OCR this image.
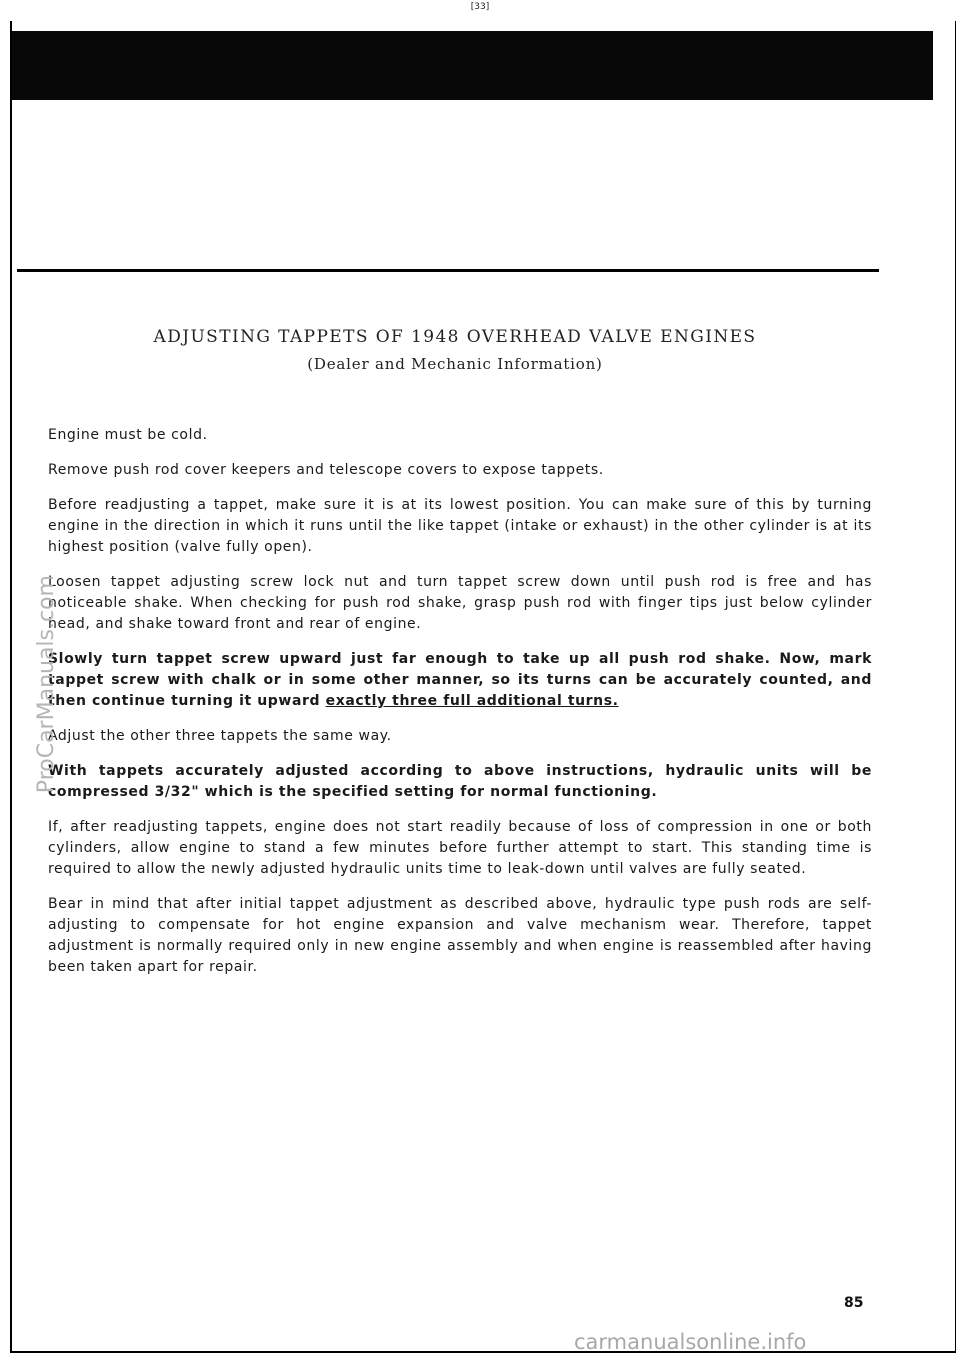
[33]
ADJUSTING TAPPETS OF 1948 OVERHEAD VALVE ENGINES
(Dealer and Mechanic Information)

Engine must be cold.

Remove push rod cover keepers and telescope covers to expose tappets.

Before readjusting a tappet, make sure it is at its lowest position. You can make sure of this by turning engine in the direction in which it runs until the like tappet (intake or exhaust) in the other cylinder is at its highest position (valve fully open).

Loosen tappet adjusting screw lock nut and turn tappet screw down until push rod is free and has noticeable shake. When checking for push rod shake, grasp push rod with finger tips just below cylinder head, and shake toward front and rear of engine.

Slowly turn tappet screw upward just far enough to take up all push rod shake. Now, mark tappet screw with chalk or in some other manner, so its turns can be accurately counted, and then continue turning it upward exactly three full additional turns.

Adjust the other three tappets the same way.

With tappets accurately adjusted according to above instructions, hydraulic units will be compressed 3/32" which is the specified setting for normal functioning.

If, after readjusting tappets, engine does not start readily because of loss of compression in one or both cylinders, allow engine to stand a few minutes before further attempt to start. This standing time is required to allow the newly adjusted hydraulic units time to leak-down until valves are fully seated.

Bear in mind that after initial tappet adjustment as described above, hydraulic type push rods are self-adjusting to compensate for hot engine expansion and valve mechanism wear. Therefore, tappet adjustment is normally required only in new engine assembly and when engine is reassembled after having been taken apart for repair.

ProCarManuals.com
85
carmanualsonline.info
